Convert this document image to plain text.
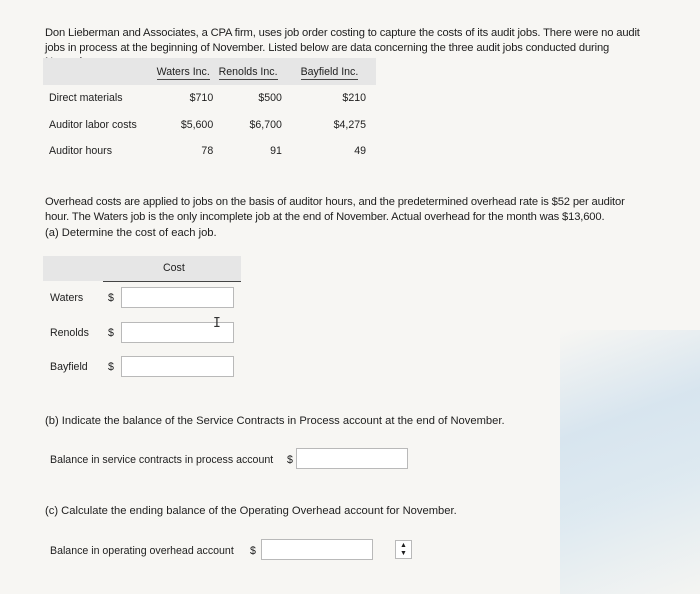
Don Lieberman and Associates, a CPA firm, uses job order costing to capture the costs of its audit jobs. There were no audit jobs in process at the beginning of November. Listed below are data concerning the three audit jobs conducted during November.

	Waters Inc.	Renolds Inc.	Bayfield Inc.
Direct materials	$710	$500	$210
Auditor labor costs	$5,600	$6,700	$4,275
Auditor hours	78	91	49

Overhead costs are applied to jobs on the basis of auditor hours, and the predetermined overhead rate is $52 per auditor hour. The Waters job is the only incomplete job at the end of November. Actual overhead for the month was $13,600.

(a) Determine the cost of each job.
Cost
Waters $
Renolds $
I
Bayfield $
(b) Indicate the balance of the Service Contracts in Process account at the end of November.
Balance in service contracts in process account $
(c) Calculate the ending balance of the Operating Overhead account for November.
Balance in operating overhead account $	▲
▼
